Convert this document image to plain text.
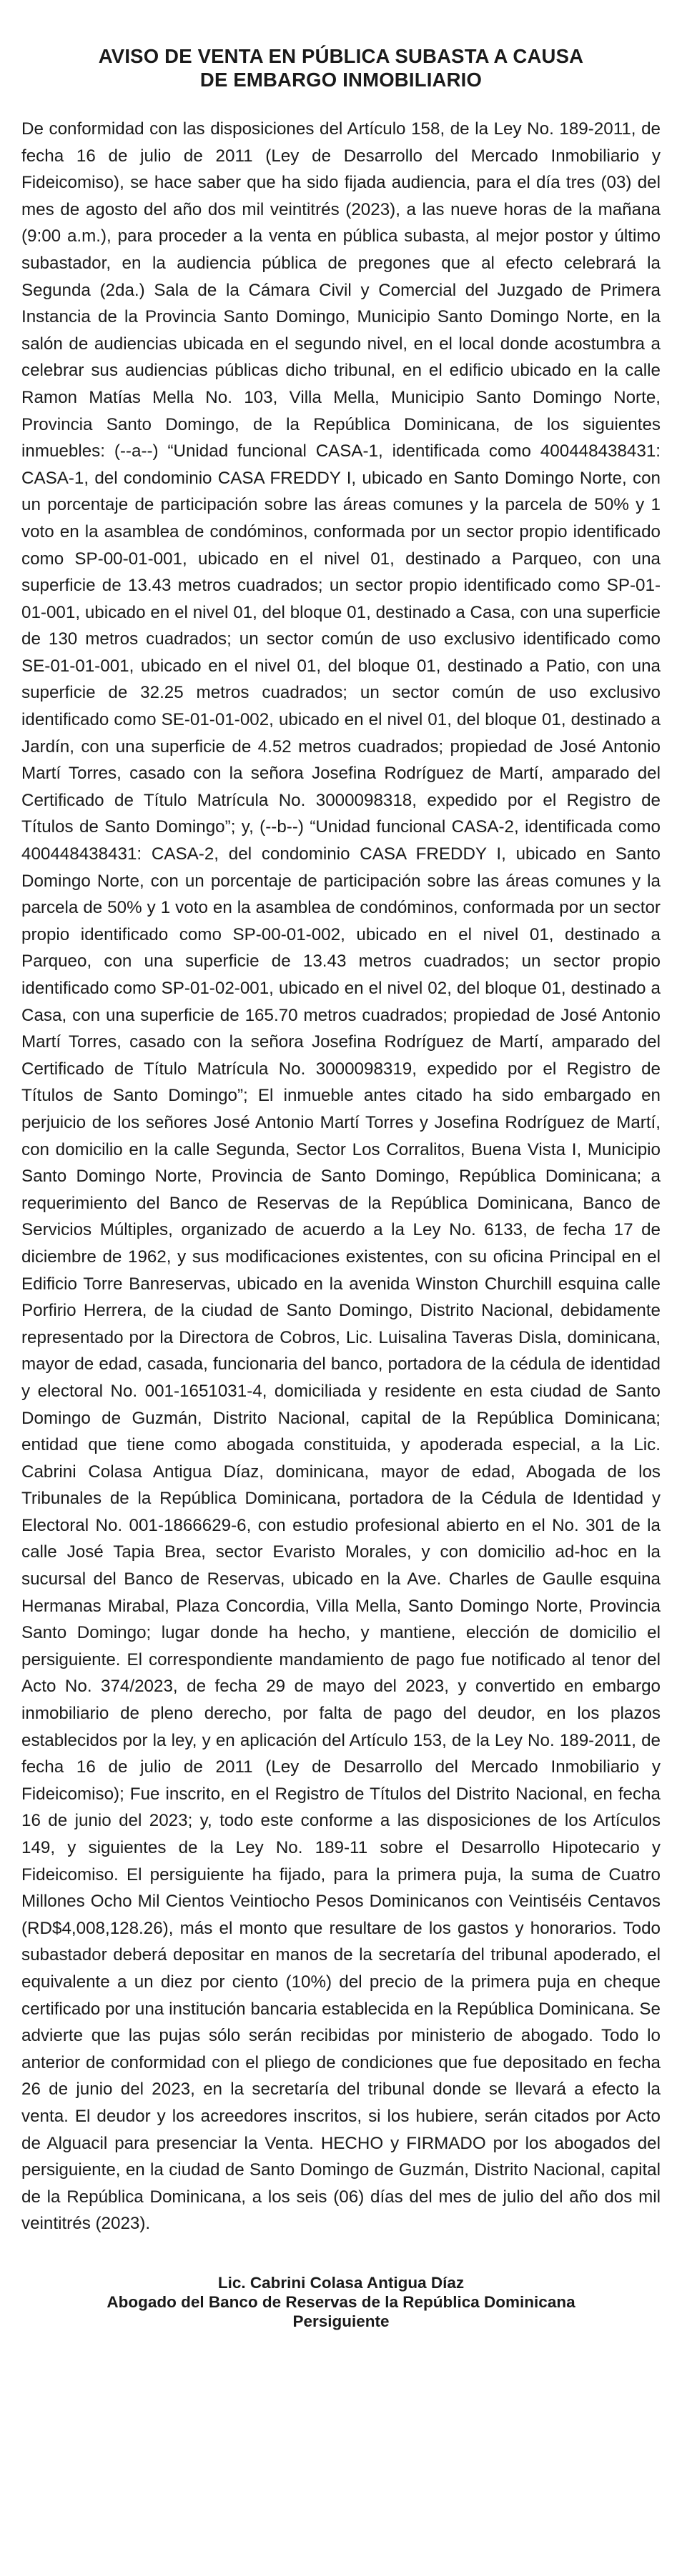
AVISO DE VENTA EN PÚBLICA SUBASTA A CAUSA
DE EMBARGO INMOBILIARIO

De conformidad con las disposiciones del Artículo 158, de la Ley No. 189-2011, de fecha 16 de julio de 2011 (Ley de Desarrollo del Mercado Inmobiliario y Fideicomiso), se hace saber que ha sido fijada audiencia, para el día tres (03) del mes de agosto del año dos mil veintitrés (2023), a las nueve horas de la mañana (9:00 a.m.), para proceder a la venta en pública subasta, al mejor postor y último subastador, en la audiencia pública de pregones que al efecto celebrará la Segunda (2da.) Sala de la Cámara Civil y Comercial del Juzgado de Primera Instancia de la Provincia Santo Domingo, Municipio Santo Domingo Norte, en la salón de audiencias ubicada en el segundo nivel, en el local donde acostumbra a celebrar sus audiencias públicas dicho tribunal, en el edificio ubicado en la calle Ramon Matías Mella No. 103, Villa Mella, Municipio Santo Domingo Norte, Provincia Santo Domingo, de la República Dominicana, de los siguientes inmuebles: (--a--) “Unidad funcional CASA-1, identificada como 400448438431: CASA-1, del condominio CASA FREDDY I, ubicado en Santo Domingo Norte, con un porcentaje de participación sobre las áreas comunes y la parcela de 50% y 1 voto en la asamblea de condóminos, conformada por un sector propio identificado como SP-00-01-001, ubicado en el nivel 01, destinado a Parqueo, con una superficie de 13.43 metros cuadrados; un sector propio identificado como SP-01-01-001, ubicado en el nivel 01, del bloque 01, destinado a Casa, con una superficie de 130 metros cuadrados; un sector común de uso exclusivo identificado como SE-01-01-001, ubicado en el nivel 01, del bloque 01, destinado a Patio, con una superficie de 32.25 metros cuadrados; un sector común de uso exclusivo identificado como SE-01-01-002, ubicado en el nivel 01, del bloque 01, destinado a Jardín, con una superficie de 4.52 metros cuadrados; propiedad de José Antonio Martí Torres, casado con la señora Josefina Rodríguez de Martí, amparado del Certificado de Título Matrícula No. 3000098318, expedido por el Registro de Títulos de Santo Domingo”; y, (--b--) “Unidad funcional CASA-2, identificada como 400448438431: CASA-2, del condominio CASA FREDDY I, ubicado en Santo Domingo Norte, con un porcentaje de participación sobre las áreas comunes y la parcela de 50% y 1 voto en la asamblea de condóminos, conformada por un sector propio identificado como SP-00-01-002, ubicado en el nivel 01, destinado a Parqueo, con una superficie de 13.43 metros cuadrados; un sector propio identificado como SP-01-02-001, ubicado en el nivel 02, del bloque 01, destinado a Casa, con una superficie de 165.70 metros cuadrados; propiedad de José Antonio Martí Torres, casado con la señora Josefina Rodríguez de Martí, amparado del Certificado de Título Matrícula No. 3000098319, expedido por el Registro de Títulos de Santo Domingo”; El inmueble antes citado ha sido embargado en perjuicio de los señores José Antonio Martí Torres y Josefina Rodríguez de Martí, con domicilio en la calle Segunda, Sector Los Corralitos, Buena Vista I, Municipio Santo Domingo Norte, Provincia de Santo Domingo, República Dominicana; a requerimiento del Banco de Reservas de la República Dominicana, Banco de Servicios Múltiples, organizado de acuerdo a la Ley No. 6133, de fecha 17 de diciembre de 1962, y sus modificaciones existentes, con su oficina Principal en el Edificio Torre Banreservas, ubicado en la avenida Winston Churchill esquina calle Porfirio Herrera, de la ciudad de Santo Domingo, Distrito Nacional, debidamente representado por la Directora de Cobros, Lic. Luisalina Taveras Disla, dominicana, mayor de edad, casada, funcionaria del banco, portadora de la cédula de identidad y electoral No. 001-1651031-4, domiciliada y residente en esta ciudad de Santo Domingo de Guzmán, Distrito Nacional, capital de la República Dominicana; entidad que tiene como abogada constituida, y apoderada especial, a la Lic. Cabrini Colasa Antigua Díaz, dominicana, mayor de edad, Abogada de los Tribunales de la República Dominicana, portadora de la Cédula de Identidad y Electoral No. 001-1866629-6, con estudio profesional abierto en el No. 301 de la calle José Tapia Brea, sector Evaristo Morales, y con domicilio ad-hoc en la sucursal del Banco de Reservas, ubicado en la Ave. Charles de Gaulle esquina Hermanas Mirabal, Plaza Concordia, Villa Mella, Santo Domingo Norte, Provincia Santo Domingo; lugar donde ha hecho, y mantiene, elección de domicilio el persiguiente. El correspondiente mandamiento de pago fue notificado al tenor del Acto No. 374/2023, de fecha 29 de mayo del 2023, y convertido en embargo inmobiliario de pleno derecho, por falta de pago del deudor, en los plazos establecidos por la ley, y en aplicación del Artículo 153, de la Ley No. 189-2011, de fecha 16 de julio de 2011 (Ley de Desarrollo del Mercado Inmobiliario y Fideicomiso); Fue inscrito, en el Registro de Títulos del Distrito Nacional, en fecha 16 de junio del 2023; y, todo este conforme a las disposiciones de los Artículos 149, y siguientes de la Ley No. 189-11 sobre el Desarrollo Hipotecario y Fideicomiso. El persiguiente ha fijado, para la primera puja, la suma de Cuatro Millones Ocho Mil Cientos Veintiocho Pesos Dominicanos con Veintiséis Centavos (RD$4,008,128.26), más el monto que resultare de los gastos y honorarios. Todo subastador deberá depositar en manos de la secretaría del tribunal apoderado, el equivalente a un diez por ciento (10%) del precio de la primera puja en cheque certificado por una institución bancaria establecida en la República Dominicana. Se advierte que las pujas sólo serán recibidas por ministerio de abogado. Todo lo anterior de conformidad con el pliego de condiciones que fue depositado en fecha 26 de junio del 2023, en la secretaría del tribunal donde se llevará a efecto la venta. El deudor y los acreedores inscritos, si los hubiere, serán citados por Acto de Alguacil para presenciar la Venta. HECHO y FIRMADO por los abogados del persiguiente, en la ciudad de Santo Domingo de Guzmán, Distrito Nacional, capital de la República Dominicana, a los seis (06) días del mes de julio del año dos mil veintitrés (2023).

Lic. Cabrini Colasa Antigua Díaz
Abogado del Banco de Reservas de la República Dominicana
Persiguiente
